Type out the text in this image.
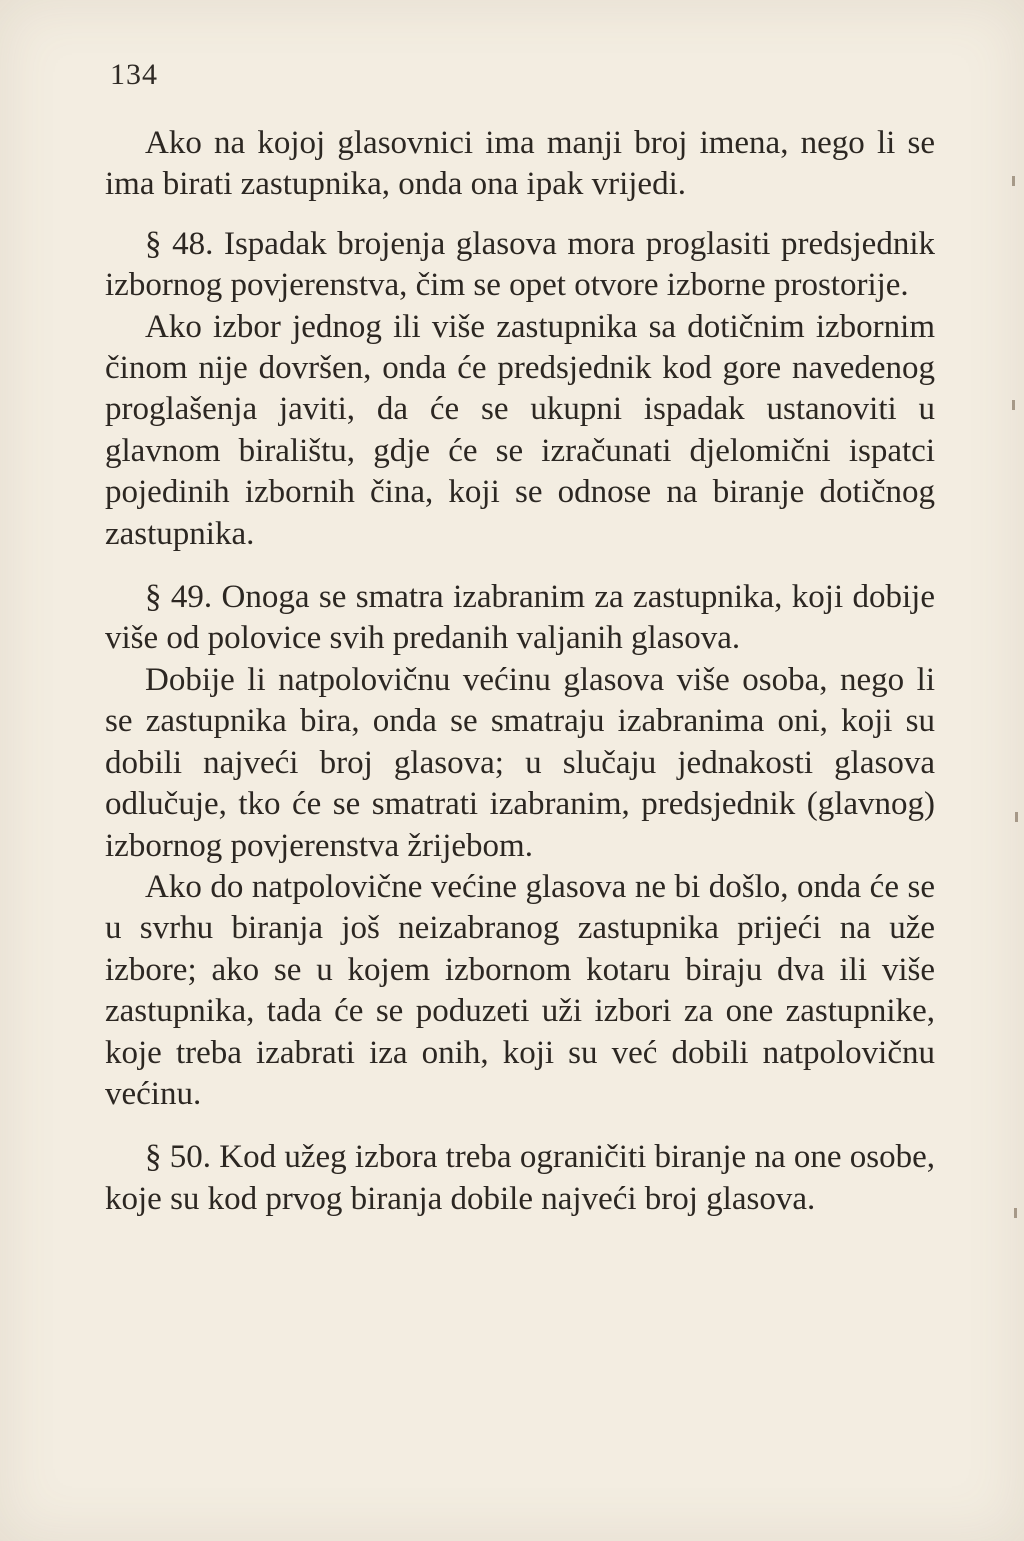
134

Ako na kojoj glasovnici ima manji broj imena, nego li se ima birati zastupnika, onda ona ipak vrijedi.

§ 48. Ispadak brojenja glasova mora proglasiti predsjednik izbornog povjerenstva, čim se opet otvore izborne prostorije.

Ako izbor jednog ili više zastupnika sa dotičnim izbornim činom nije dovršen, onda će predsjednik kod gore navedenog proglašenja javiti, da će se ukupni ispadak ustanoviti u glavnom biralištu, gdje će se izračunati djelomični ispatci pojedinih izbornih čina, koji se odnose na biranje dotičnog zastupnika.

§ 49. Onoga se smatra izabranim za zastupnika, koji dobije više od polovice svih predanih valjanih glasova.

Dobije li natpolovičnu većinu glasova više osoba, nego li se zastupnika bira, onda se smatraju izabranima oni, koji su dobili najveći broj glasova; u slučaju jednakosti glasova odlučuje, tko će se smatrati izabranim, predsjednik (glavnog) izbornog povjerenstva žrijebom.

Ako do natpolovične većine glasova ne bi došlo, onda će se u svrhu biranja još neizabranog zastupnika prijeći na uže izbore; ako se u kojem izbornom kotaru biraju dva ili više zastupnika, tada će se poduzeti uži izbori za one zastupnike, koje treba izabrati iza onih, koji su već dobili natpolovičnu većinu.

§ 50. Kod užeg izbora treba ograničiti biranje na one osobe, koje su kod prvog biranja dobile najveći broj glasova.
